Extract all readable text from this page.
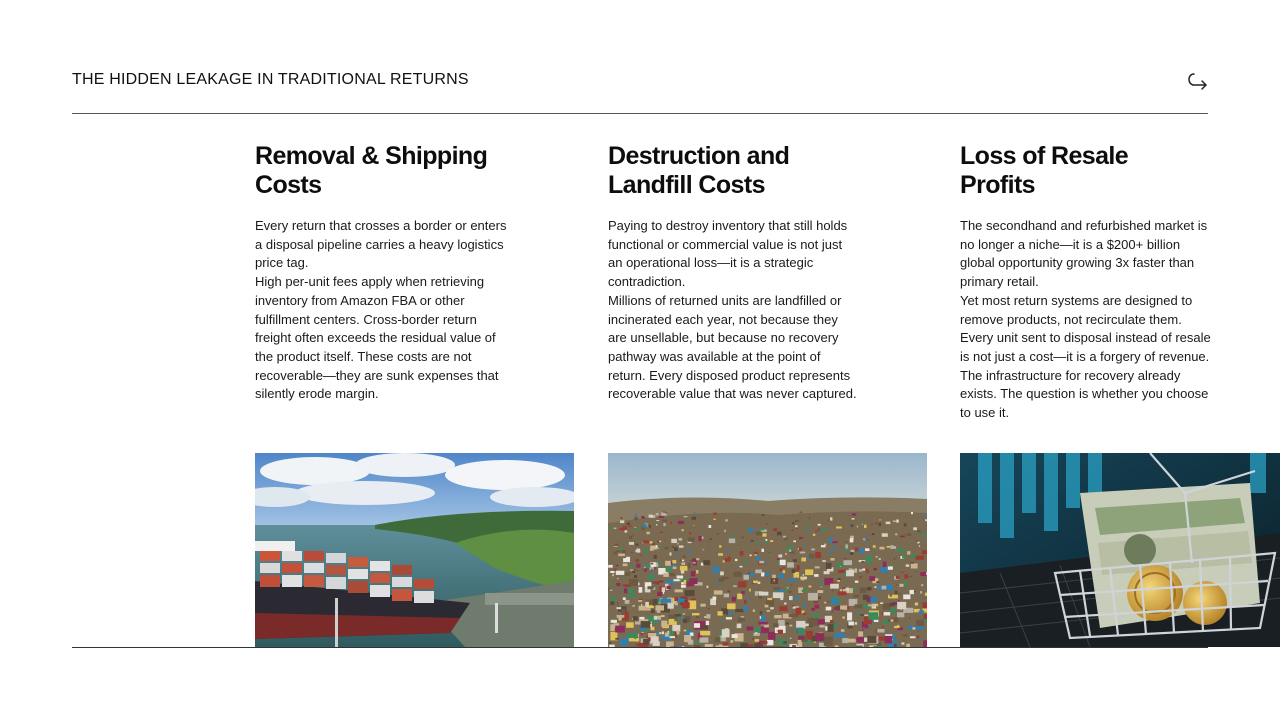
THE HIDDEN LEAKAGE IN TRADITIONAL RETURNS
Removal & Shipping
Costs

Every return that crosses a border or enters a disposal pipeline carries a heavy logistics price tag.

High per-unit fees apply when retrieving inventory from Amazon FBA or other fulfillment centers. Cross-border return freight often exceeds the residual value of the product itself. These costs are not recoverable—they are sunk expenses that silently erode margin.

Destruction and
Landfill Costs

Paying to destroy inventory that still holds functional or commercial value is not just an operational loss—it is a strategic contradiction.

Millions of returned units are landfilled or incinerated each year, not because they are unsellable, but because no recovery pathway was available at the point of return. Every disposed product represents recoverable value that was never captured.

Loss of Resale
Profits

The secondhand and refurbished market is no longer a niche—it is a $200+ billion global opportunity growing 3x faster than primary retail.

Yet most return systems are designed to remove products, not recirculate them. Every unit sent to disposal instead of resale is not just a cost—it is a forgery of revenue. The infrastructure for recovery already exists. The question is whether you choose to use it.
